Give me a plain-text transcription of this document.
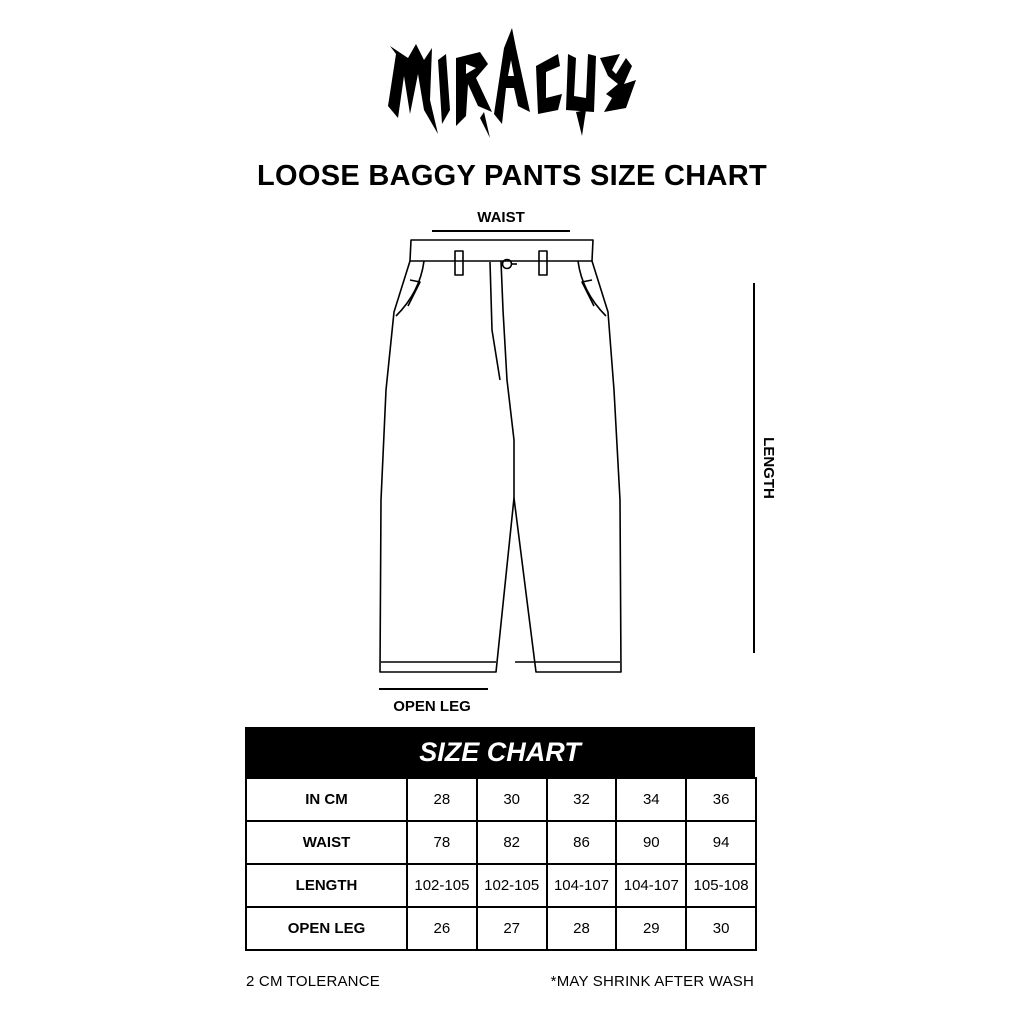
LOOSE BAGGY PANTS SIZE CHART
WAIST
LENGTH
OPEN LEG
SIZE CHART
IN CM	28	30	32	34	36
WAIST	78	82	86	90	94
LENGTH	102-105	102-105	104-107	104-107	105-108
OPEN LEG	26	27	28	29	30
2 CM TOLERANCE	*MAY SHRINK AFTER WASH
